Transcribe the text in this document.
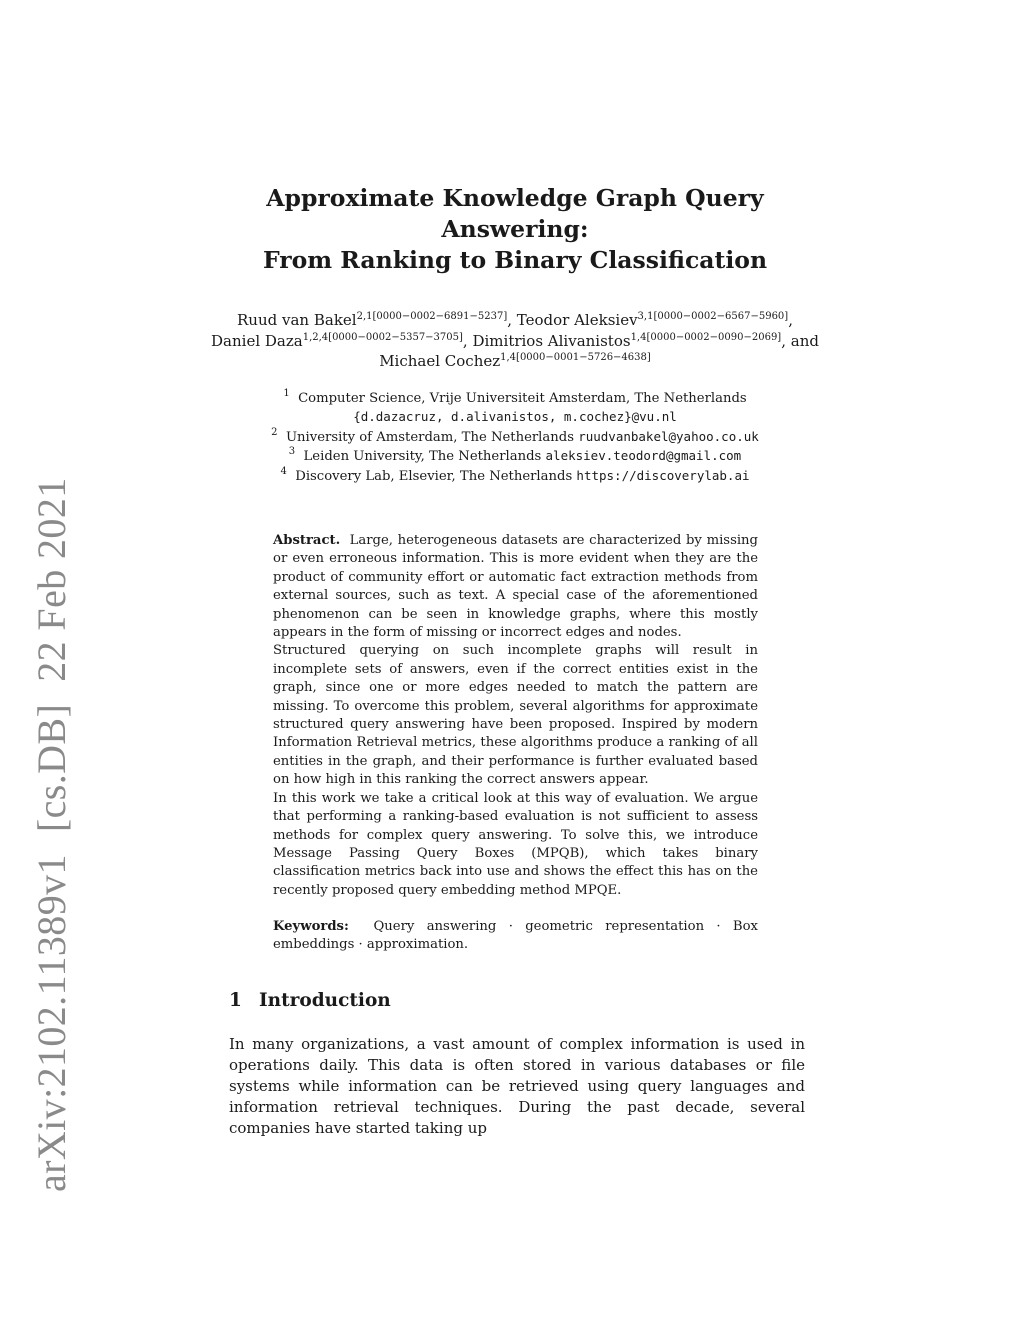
arXiv:2102.11389v1
[cs.DB]
22 Feb 2021
Approximate Knowledge Graph Query
Answering:
From Ranking to Binary Classification
Ruud van Bakel$^{2,1[0000-0002-6891-5237]}$, Teodor Aleksiev$^{3,1[0000-0002-6567-5960]}$,
Daniel Daza$^{1,2,4[0000-0002-5357-3705]}$, Dimitrios Alivanistos$^{1,4[0000-0002-0090-2069]}$, and Michael Cochez$^{1,4[0000-0001-5726-4638]}$
$^1$ Computer Science, Vrije Universiteit Amsterdam, The Netherlands
{d.dazacruz, d.alivanistos, m.cochez}@vu.nl
$^2$ University of Amsterdam, The Netherlands ruudvanbakel@yahoo.co.uk
$^3$ Leiden University, The Netherlands aleksiev.teodord@gmail.com
$^4$ Discovery Lab, Elsevier, The Netherlands https://discoverylab.ai

Abstract. Large, heterogeneous datasets are characterized by missing or even erroneous information. This is more evident when they are the product of community effort or automatic fact extraction methods from external sources, such as text. A special case of the aforementioned phenomenon can be seen in knowledge graphs, where this mostly appears in the form of missing or incorrect edges and nodes.

Structured querying on such incomplete graphs will result in incomplete sets of answers, even if the correct entities exist in the graph, since one or more edges needed to match the pattern are missing. To overcome this problem, several algorithms for approximate structured query answering have been proposed. Inspired by modern Information Retrieval metrics, these algorithms produce a ranking of all entities in the graph, and their performance is further evaluated based on how high in this ranking the correct answers appear.

In this work we take a critical look at this way of evaluation. We argue that performing a ranking-based evaluation is not sufficient to assess methods for complex query answering. To solve this, we introduce Message Passing Query Boxes (MPQB), which takes binary classification metrics back into use and shows the effect this has on the recently proposed query embedding method MPQE.

Keywords: Query answering · geometric representation · Box embeddings · approximation.

1 Introduction

In many organizations, a vast amount of complex information is used in operations daily. This data is often stored in various databases or file systems while information can be retrieved using query languages and information retrieval techniques. During the past decade, several companies have started taking up
